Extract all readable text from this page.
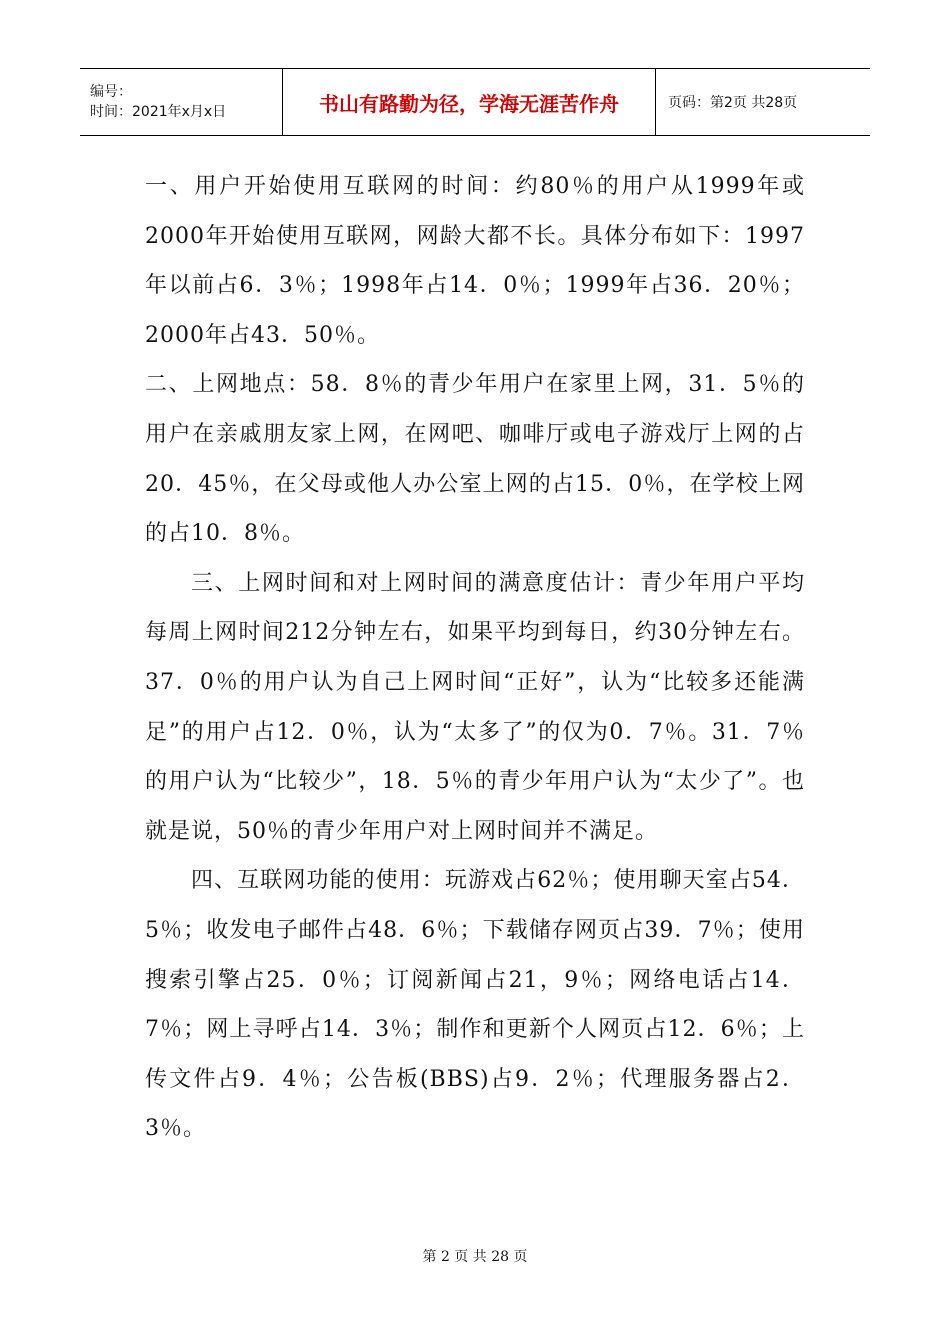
编号：
时间：2021年x月x日	书山有路勤为径，学海无涯苦作舟	页码：第2页 共28页

一、用户开始使用互联网的时间：约80％的用户从1999年或2000年开始使用互联网，网龄大都不长。具体分布如下：1997年以前占6．3％；1998年占14．0％；1999年占36．20％；2000年占43．50％。

二、上网地点：58．8％的青少年用户在家里上网，31．5％的用户在亲戚朋友家上网，在网吧、咖啡厅或电子游戏厅上网的占20．45％，在父母或他人办公室上网的占15．0％，在学校上网的占10．8％。

三、上网时间和对上网时间的满意度估计：青少年用户平均每周上网时间212分钟左右，如果平均到每日，约30分钟左右。37．0％的用户认为自己上网时间“正好”，认为“比较多还能满足”的用户占12．0％，认为“太多了”的仅为0．7％。31．7％的用户认为“比较少”，18．5％的青少年用户认为“太少了”。也就是说，50％的青少年用户对上网时间并不满足。

四、互联网功能的使用：玩游戏占62％；使用聊天室占54．5％；收发电子邮件占48．6％；下载储存网页占39．7％；使用搜索引擎占25．0％；订阅新闻占21，9％；网络电话占14．7％；网上寻呼占14．3％；制作和更新个人网页占12．6％；上传文件占9．4％；公告板(BBS)占9．2％；代理服务器占2．3％。

第 2 页 共 28 页
